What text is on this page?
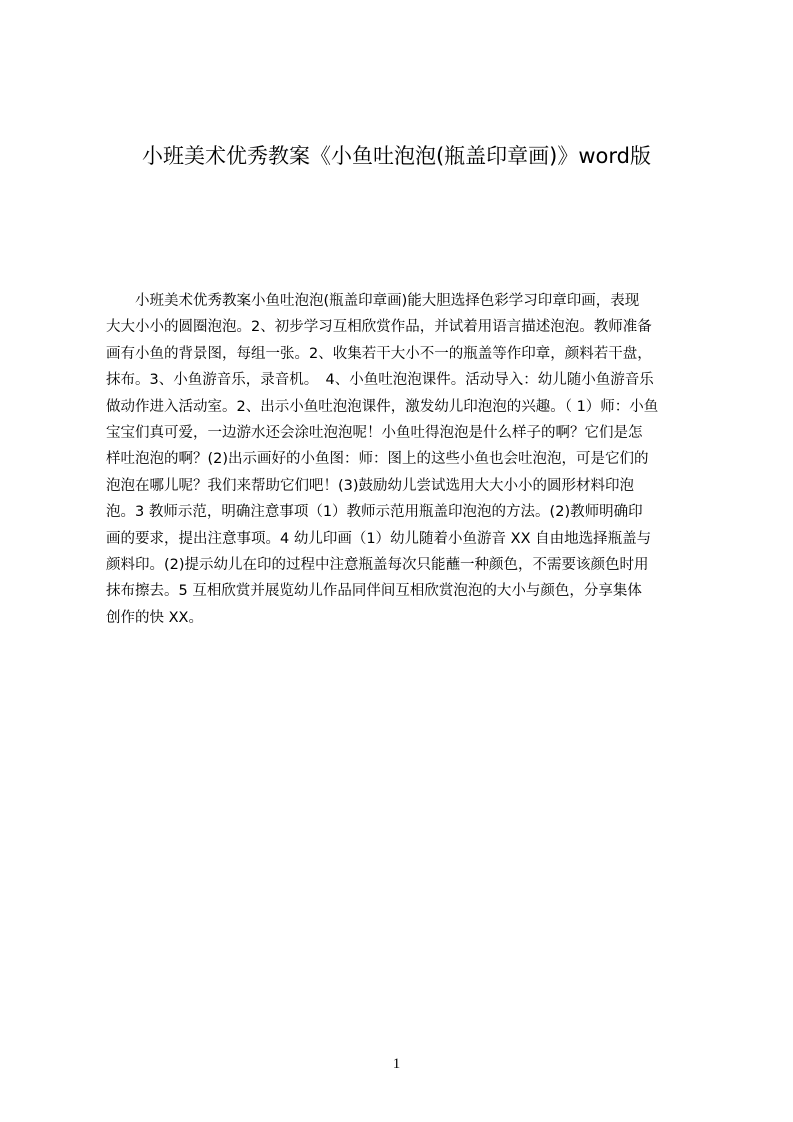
小班美术优秀教案《小鱼吐泡泡(瓶盖印章画)》word版
　　小班美术优秀教案小鱼吐泡泡(瓶盖印章画)能大胆选择色彩学习印章印画，表现
大大小小的圆圈泡泡。2、初步学习互相欣赏作品，并试着用语言描述泡泡。教师准备
画有小鱼的背景图，每组一张。2、收集若干大小不一的瓶盖等作印章，颜料若干盘，
抹布。3、小鱼游音乐，录音机。　4、小鱼吐泡泡课件。活动导入：幼儿随小鱼游音乐
做动作进入活动室。2、出示小鱼吐泡泡课件，激发幼儿印泡泡的兴趣。（ 1）师：小鱼
宝宝们真可爱，一边游水还会涂吐泡泡呢！小鱼吐得泡泡是什么样子的啊？它们是怎
样吐泡泡的啊？(2)出示画好的小鱼图：师：图上的这些小鱼也会吐泡泡，可是它们的
泡泡在哪儿呢？我们来帮助它们吧！(3)鼓励幼儿尝试选用大大小小的圆形材料印泡
泡。3 教师示范，明确注意事项（1）教师示范用瓶盖印泡泡的方法。(2)教师明确印
画的要求，提出注意事项。4 幼儿印画（1）幼儿随着小鱼游音 XX 自由地选择瓶盖与
颜料印。(2)提示幼儿在印的过程中注意瓶盖每次只能蘸一种颜色，不需要该颜色时用
抹布擦去。5 互相欣赏并展览幼儿作品同伴间互相欣赏泡泡的大小与颜色，分享集体
创作的快 XX。
1
